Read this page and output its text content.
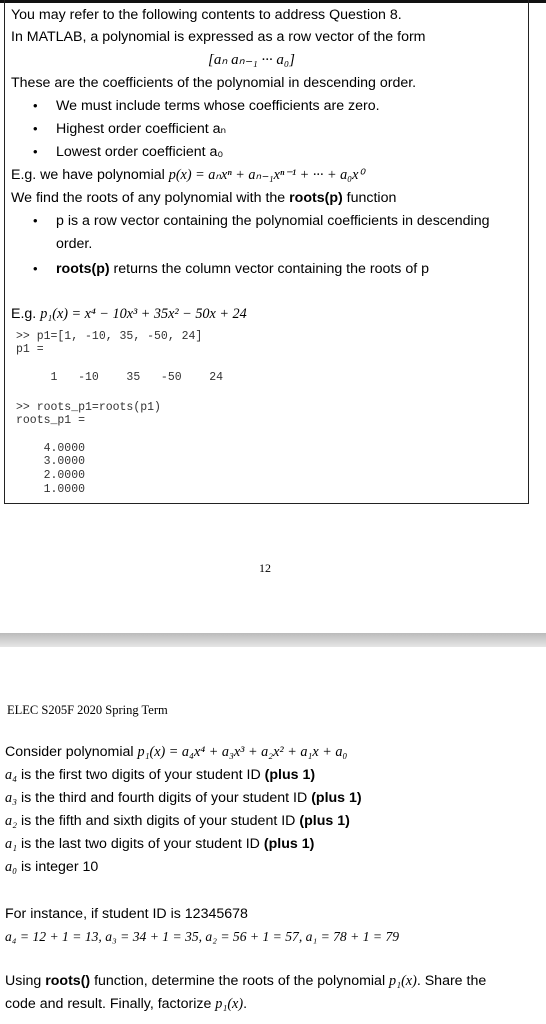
You may refer to the following contents to address Question 8.
In MATLAB, a polynomial is expressed as a row vector of the form
[aₙ aₙ₋₁ ··· a₀]
These are the coefficients of the polynomial in descending order.
• We must include terms whose coefficients are zero.
• Highest order coefficient aₙ
• Lowest order coefficient a₀
E.g. we have polynomial p(x) = aₙxⁿ + aₙ₋₁xⁿ⁻¹ + ··· + a₀x⁰
We find the roots of any polynomial with the roots(p) function
• p is a row vector containing the polynomial coefficients in descending
order.
• roots(p) returns the column vector containing the roots of p
E.g. p₁(x) = x⁴ − 10x³ + 35x² − 50x + 24
>> p1=[1, -10, 35, -50, 24]
p1 =
1   -10    35   -50    24
>> roots_p1=roots(p1)
roots_p1 =
4.0000
3.0000
2.0000
1.0000
12
ELEC S205F 2020 Spring Term
Consider polynomial p₁(x) = a₄x⁴ + a₃x³ + a₂x² + a₁x + a₀
a₄ is the first two digits of your student ID (plus 1)
a₃ is the third and fourth digits of your student ID (plus 1)
a₂ is the fifth and sixth digits of your student ID (plus 1)
a₁ is the last two digits of your student ID (plus 1)
a₀ is integer 10
For instance, if student ID is 12345678
a₄ = 12 + 1 = 13, a₃ = 34 + 1 = 35, a₂ = 56 + 1 = 57, a₁ = 78 + 1 = 79
Using roots() function, determine the roots of the polynomial p₁(x). Share the
code and result. Finally, factorize p₁(x).
